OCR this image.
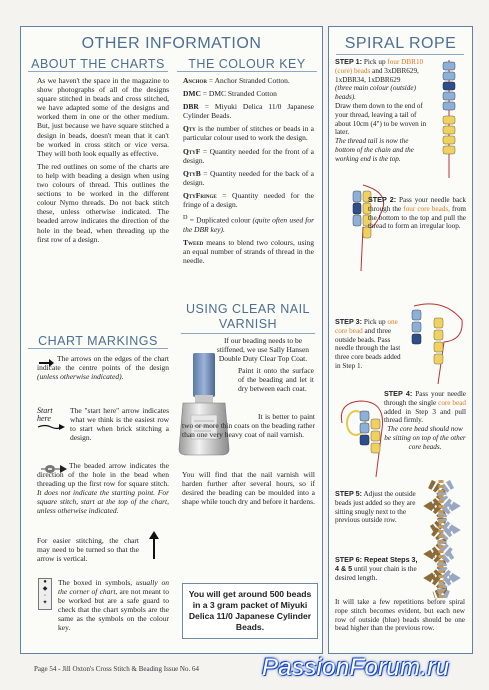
OTHER INFORMATION
ABOUT THE CHARTS

As we haven't the space in the magazine to show photographs of all of the designs square stitched in beads and cross stitched, we have adapted some of the designs and worked them in one or the other medium. But, just because we have square stitched a design in beads, doesn't mean that it can't be worked in cross stitch or vice versa. They will both look equally as effective.

The red outlines on some of the charts are to help with beading a design when using two colours of thread. This outlines the sections to be worked in the different colour Nymo threads. Do not back stitch these, unless otherwise indicated. The beaded arrow indicates the direction of the hole in the bead, when threading up the first row of a design.

CHART MARKINGS
The arrows on the edges of the chart indicate the centre points of the design (unless otherwise indicated).
Start here
The "start here" arrow indicates what we think is the easiest row to start when brick stitching a design.
The beaded arrow indicates the direction of the hole in the bead when threading up the first row for square stitch. It does not indicate the starting point. For square stitch, start at the top of the chart, unless otherwise indicated.
For easier stitching, the chart may need to be turned so that the arrow is vertical.
●
◆
◦
✦
The boxed in symbols, usually on the corner of chart, are not meant to be worked but are a safe guard to check that the chart symbols are the same as the symbols on the colour key.
THE COLOUR KEY

Anchor = Anchor Stranded Cotton.

DMC = DMC Stranded Cotton

DBR = Miyuki Delica 11/0 Japanese Cylinder Beads.

Qty is the number of stitches or beads in a particular colour used to work the design.

QtyF = Quantity needed for the front of a design.

QtyB = Quantity needed for the back of a design.

QtyFringe = Quantity needed for the fringe of a design.

$^D$ = Duplicated colour (quite often used for the DBR key).

Tweed means to blend two colours, using an equal number of strands of thread in the needle.

USING CLEAR NAIL VARNISH
If our beading needs to be stiffened, we use Sally Hansen Double Duty Clear Top Coat.
Paint it onto the surface of the beading and let it dry between each coat.
It is better to paint two or more thin coats on the beading rather than one very heavy coat of nail varnish.
You will find that the nail varnish will harden further after several hours, so if desired the beading can be moulded into a shape while touch dry and before it hardens.
You will get around 500 beads in a 3 gram packet of Miyuki Delica 11/0 Japanese Cylinder Beads.
SPIRAL ROPE
STEP 1: Pick up four DBR10 (core) beads and 3xDBR629, 1xDBR34, 1xDBR629
(three main colour (outside) beads).
Draw them down to the end of your thread, leaving a tail of about 10cm (4") to be woven in later.
The thread tail is now the bottom of the chain and the working end is the top.
STEP 2: Pass your needle back through the four core beads, from the bottom to the top and pull the thread to form an irregular loop.
STEP 3: Pick up one core bead and three outside beads. Pass needle through the last three core beads added in Step 1.
STEP 4: Pass your needle through the single core bead added in Step 3 and pull thread firmly.
The core bead should now be sitting on top of the other core beads.
STEP 5: Adjust the outside beads just added so they are sitting snugly next to the previous outside row.
STEP 6: Repeat Steps 3, 4 & 5 until your chain is the desired length.
It will take a few repetitions before spiral rope stitch becomes evident, but each new row of outside (blue) beads should be one bead higher than the previous row.
Page 54 - Jill Oxton's Cross Stitch & Beading Issue No. 64	PassionForum.ru
